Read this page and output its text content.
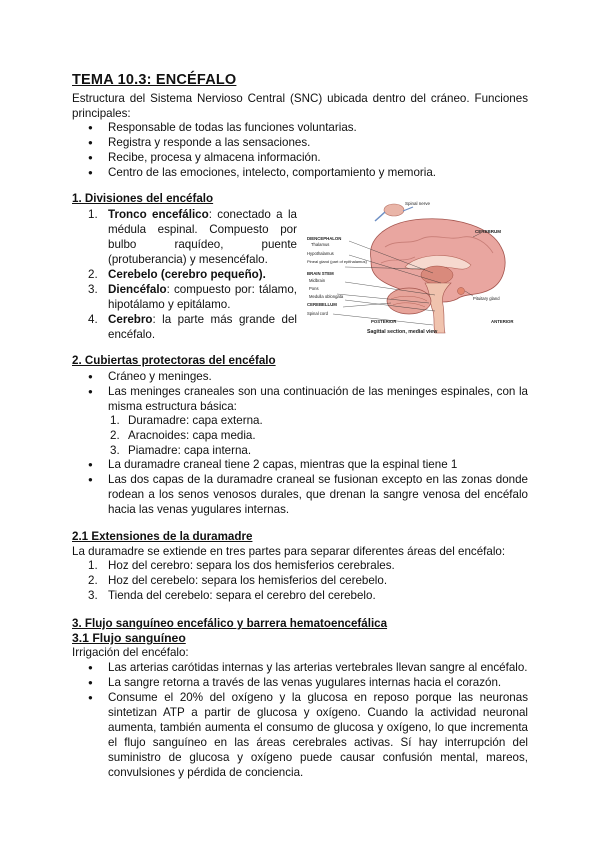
TEMA 10.3: ENCÉFALO
Estructura del Sistema Nervioso Central (SNC) ubicada dentro del cráneo. Funciones principales:
● Responsable de todas las funciones voluntarias.
● Registra y responde a las sensaciones.
● Recibe, procesa y almacena información.
● Centro de las emociones, intelecto, comportamiento y memoria.
1. Divisiones del encéfalo
1. Tronco encefálico: conectado a la médula espinal. Compuesto por bulbo raquídeo, puente (protuberancia) y mesencéfalo.
2. Cerebelo (cerebro pequeño).
3. Diencéfalo: compuesto por: tálamo, hipotálamo y epitálamo.
4. Cerebro: la parte más grande del encéfalo.
Spinal nerve
CEREBRUM
DIENCEPHALON
Thalamus
Hypothalamus
Pineal gland (part of epithalamus)
BRAIN STEM
Midbrain
Pons
Medulla oblongata
CEREBELLUM
Spinal cord
Pituitary gland
POSTERIOR	ANTERIOR
Sagittal section, medial view
2. Cubiertas protectoras del encéfalo
● Cráneo y meninges.
● Las meninges craneales son una continuación de las meninges espinales, con la misma estructura básica:
1. Duramadre: capa externa.
2. Aracnoides: capa media.
3. Piamadre: capa interna.
● La duramadre craneal tiene 2 capas, mientras que la espinal tiene 1
● Las dos capas de la duramadre craneal se fusionan excepto en las zonas donde rodean a los senos venosos durales, que drenan la sangre venosa del encéfalo hacia las venas yugulares internas.
2.1 Extensiones de la duramadre
La duramadre se extiende en tres partes para separar diferentes áreas del encéfalo:
1. Hoz del cerebro: separa los dos hemisferios cerebrales.
2. Hoz del cerebelo: separa los hemisferios del cerebelo.
3. Tienda del cerebelo: separa el cerebro del cerebelo.
3. Flujo sanguíneo encefálico y barrera hematoencefálica
3.1 Flujo sanguíneo
Irrigación del encéfalo:
● Las arterias carótidas internas y las arterias vertebrales llevan sangre al encéfalo.
● La sangre retorna a través de las venas yugulares internas hacia el corazón.
● Consume el 20% del oxígeno y la glucosa en reposo porque las neuronas sintetizan ATP a partir de glucosa y oxígeno. Cuando la actividad neuronal aumenta, también aumenta el consumo de glucosa y oxígeno, lo que incrementa el flujo sanguíneo en las áreas cerebrales activas. Sí hay interrupción del suministro de glucosa y oxígeno puede causar confusión mental, mareos, convulsiones y pérdida de conciencia.
